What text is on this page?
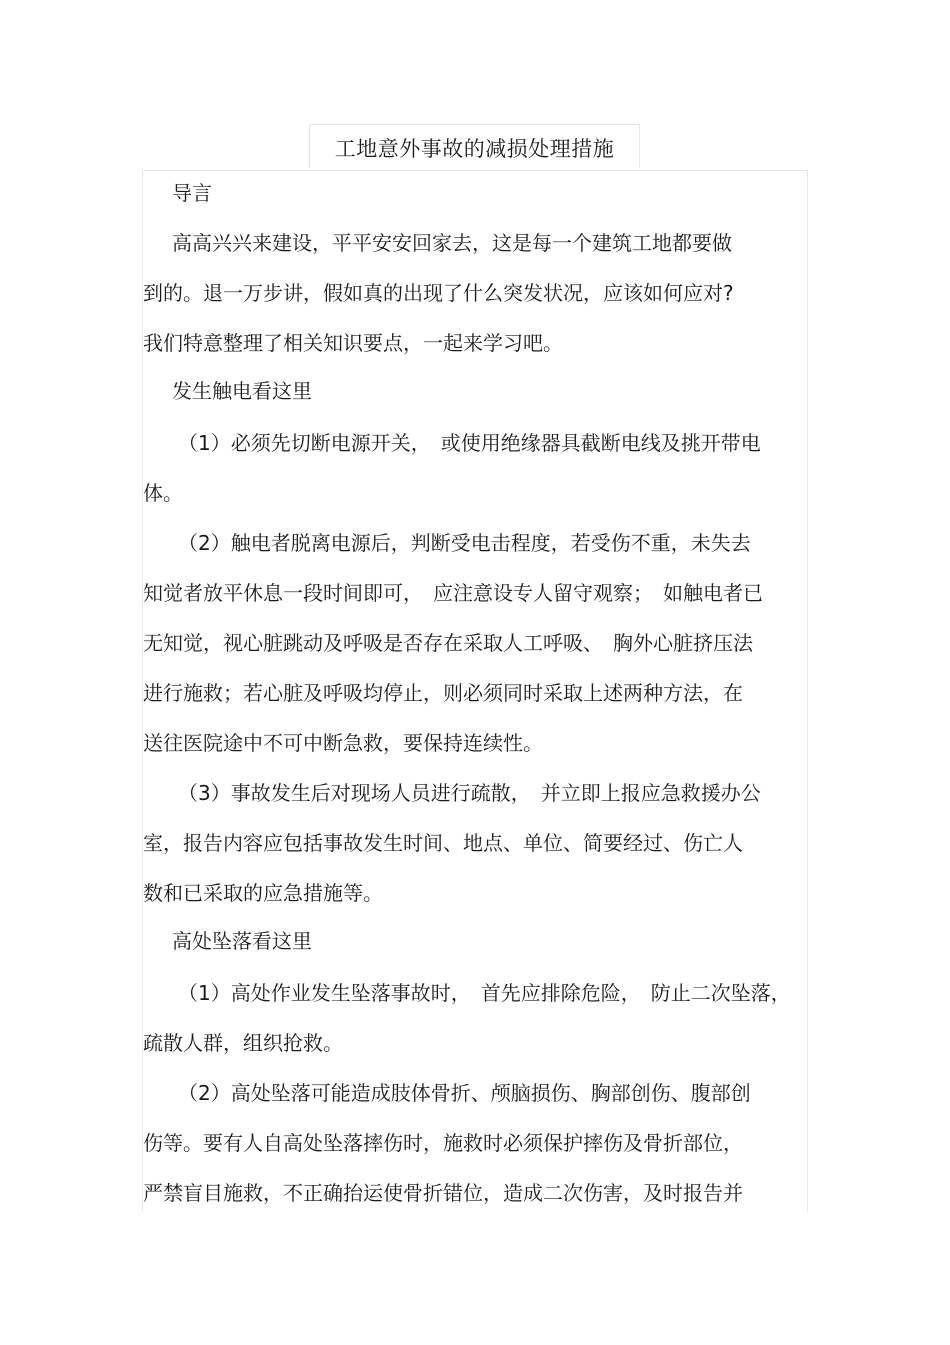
工地意外事故的减损处理措施
导言
高高兴兴来建设，平平安安回家去，这是每一个建筑工地都要做
到的。退一万步讲，假如真的出现了什么突发状况，应该如何应对?
我们特意整理了相关知识要点，一起来学习吧。
发生触电看这里
（1）必须先切断电源开关，　或使用绝缘器具截断电线及挑开带电
体。
（2）触电者脱离电源后，判断受电击程度，若受伤不重，未失去
知觉者放平休息一段时间即可，　应注意设专人留守观察；　如触电者已
无知觉，视心脏跳动及呼吸是否存在采取人工呼吸、　胸外心脏挤压法
进行施救；若心脏及呼吸均停止，则必须同时采取上述两种方法，在
送往医院途中不可中断急救，要保持连续性。
（3）事故发生后对现场人员进行疏散，　并立即上报应急救援办公
室，报告内容应包括事故发生时间、地点、单位、简要经过、伤亡人
数和已采取的应急措施等。
高处坠落看这里
（1）高处作业发生坠落事故时，　首先应排除危险，　防止二次坠落，
疏散人群，组织抢救。
（2）高处坠落可能造成肢体骨折、颅脑损伤、胸部创伤、腹部创
伤等。要有人自高处坠落摔伤时，施救时必须保护摔伤及骨折部位，
严禁盲目施救，不正确抬运使骨折错位，造成二次伤害，及时报告并
